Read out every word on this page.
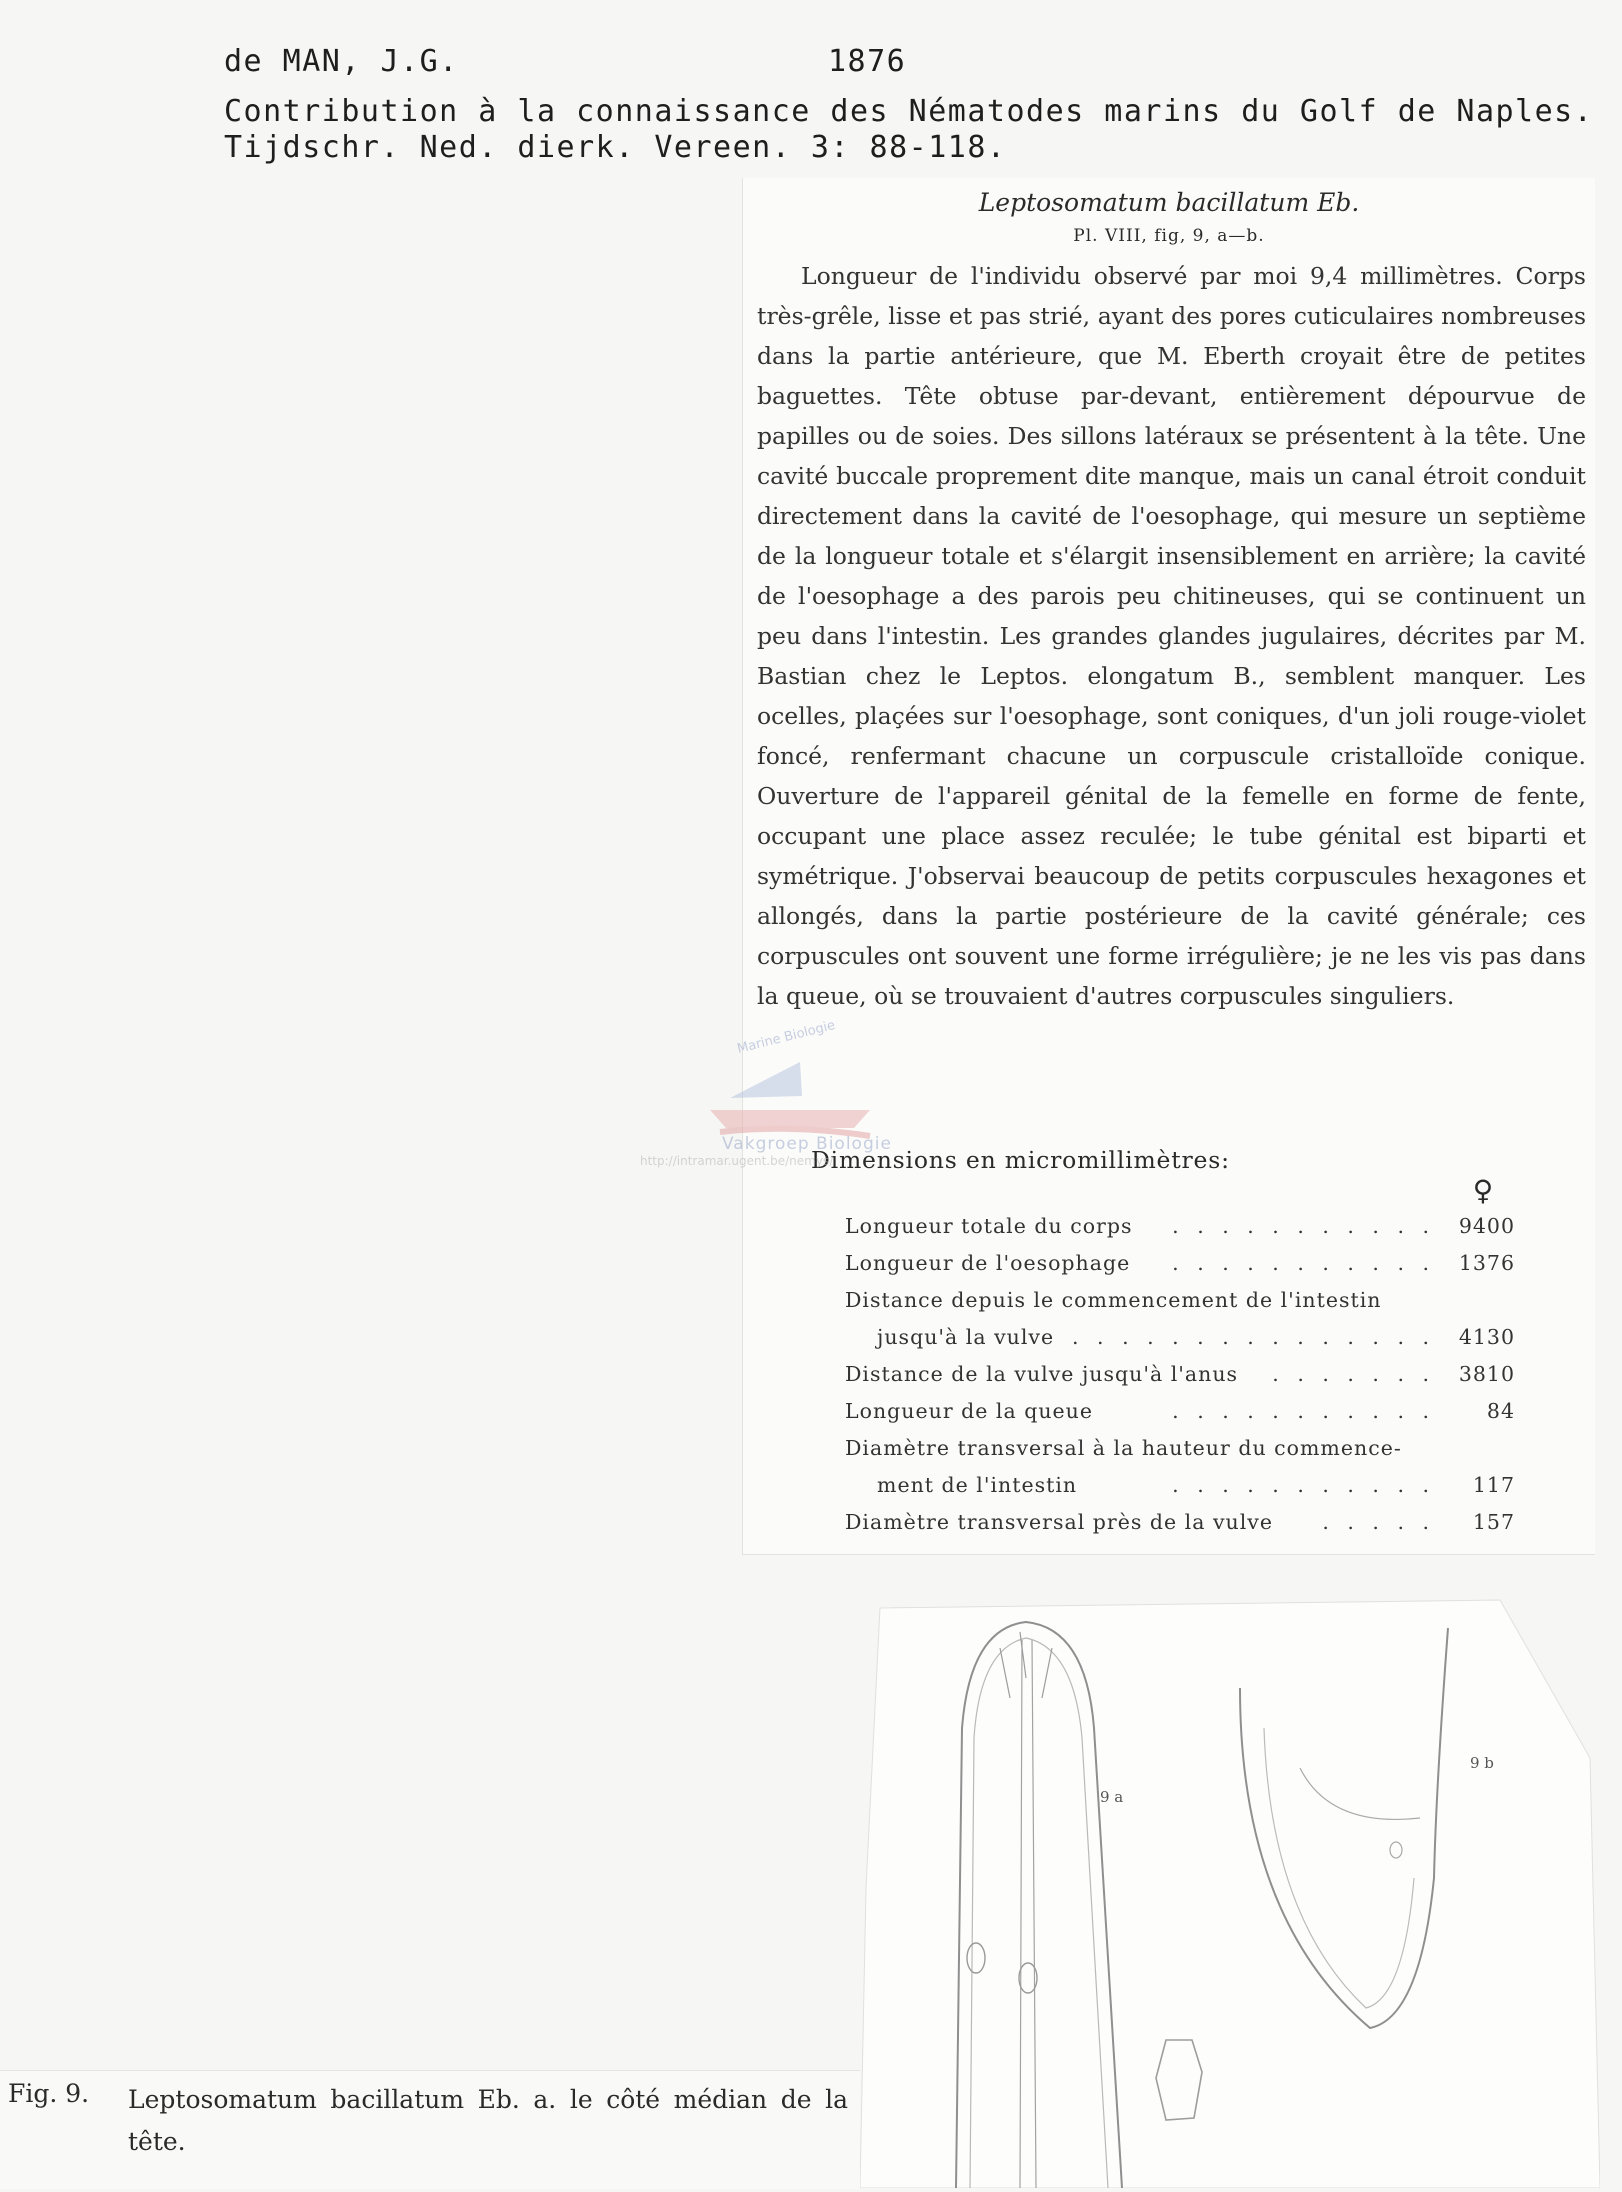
de MAN, J.G.	1876
Contribution à la connaissance des Nématodes marins du Golf de Naples.
Tijdschr. Ned. dierk. Vereen. 3: 88-118.
Leptosomatum bacillatum Eb.
Pl. VIII, fig, 9, a—b.

Longueur de l'individu observé par moi 9,4 millimètres. Corps très-grêle, lisse et pas strié, ayant des pores cuticulaires nombreuses dans la partie antérieure, que M. Eberth croyait être de petites baguettes. Tête obtuse par-devant, entièrement dépourvue de papilles ou de soies. Des sillons latéraux se présentent à la tête. Une cavité buccale proprement dite manque, mais un canal étroit conduit directement dans la cavité de l'oesophage, qui mesure un septième de la longueur totale et s'élargit insensiblement en arrière; la cavité de l'oesophage a des parois peu chitineuses, qui se continuent un peu dans l'intestin. Les grandes glandes jugulaires, décrites par M. Bastian chez le Leptos. elongatum B., semblent manquer. Les ocelles, plaçées sur l'oesophage, sont coniques, d'un joli rouge-violet foncé, renfermant chacune un corpuscule cristalloïde conique. Ouverture de l'appareil génital de la femelle en forme de fente, occupant une place assez reculée; le tube génital est biparti et symétrique. J'observai beaucoup de petits corpuscules hexagones et allongés, dans la partie postérieure de la cavité générale; ces corpuscules ont souvent une forme irrégulière; je ne les vis pas dans la queue, où se trouvaient d'autres corpuscules singuliers.

Dimensions en micromillimètres:
♀
Longueur totale du corps . . . . . . . . . . .	9400
Longueur de l'oesophage . . . . . . . . . . .	1376
Distance depuis le commencement de l'intestin
jusqu'à la vulve . . . . . . . . . . . . . . .	4130
Distance de la vulve jusqu'à l'anus . . . . . . .	3810
Longueur de la queue	. . . . . . . . . . .	84
Diamètre transversal à la hauteur du commence-
ment de l'intestin	. . . . . . . . . . .	117
Diamètre transversal près de la vulve . . . . .	157
Marine Biologie
Vakgroep Biologie
http://intramar.ugent.be/nemys/
9 a
9 b
Fig. 9. Leptosomatum bacillatum Eb. a. le côté médian de la tête.
